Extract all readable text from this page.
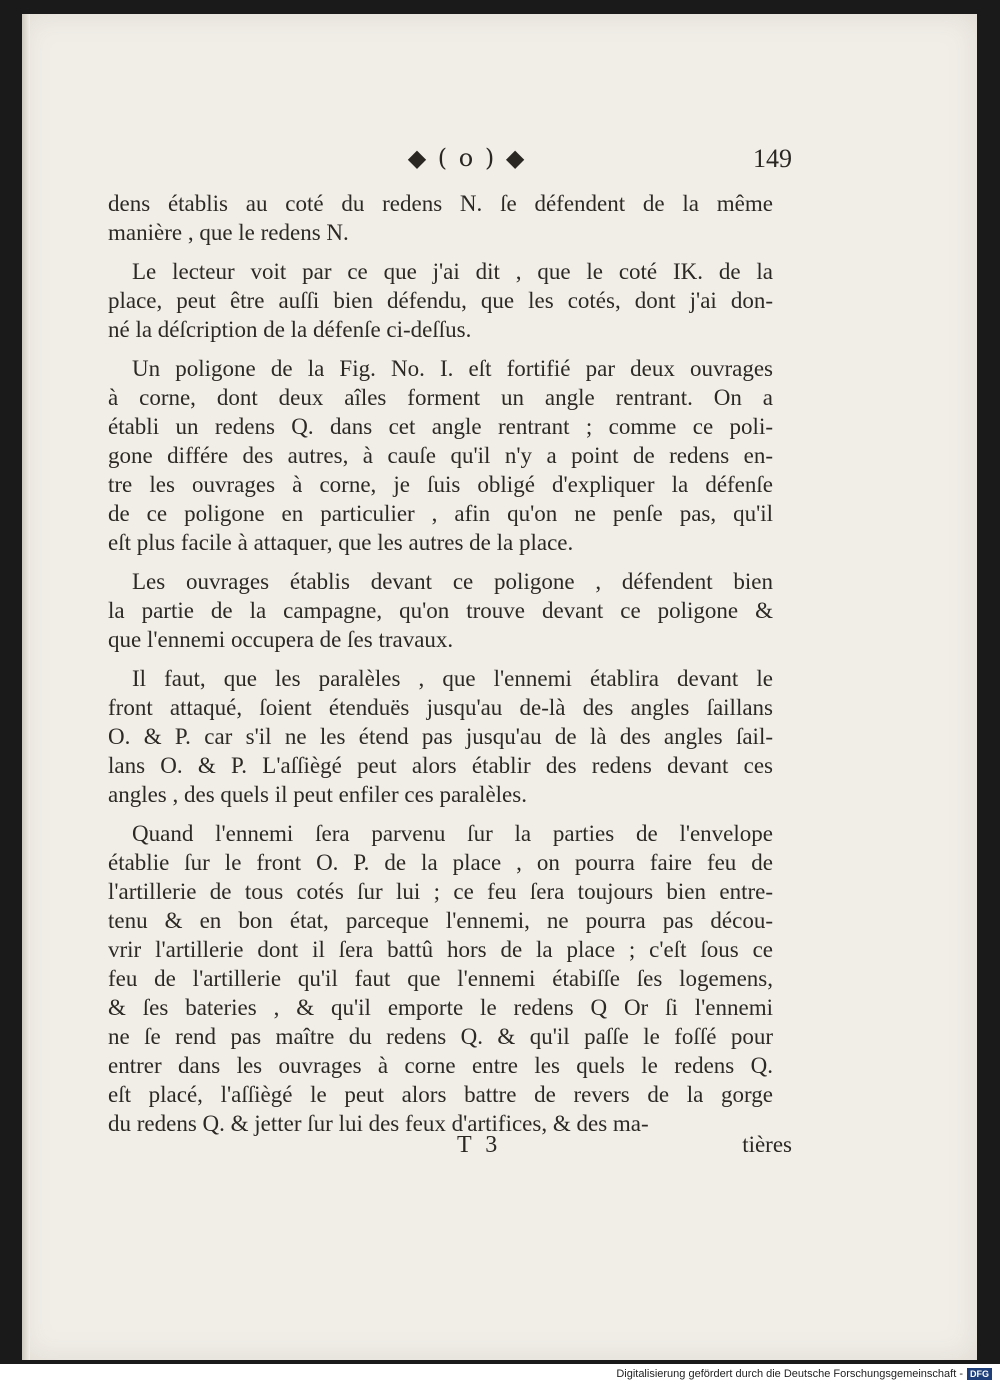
◆ ( o ) ◆	149
dens établis au coté du redens N. ſe défendent de la même
manière , que le redens N.
Le lecteur voit par ce que j'ai dit , que le coté IK. de la
place, peut être auſſi bien défendu, que les cotés, dont j'ai don-
né la déſcription de la défenſe ci-deſſus.
Un poligone de la Fig. No. I. eſt fortifié par deux ouvrages
à corne, dont deux aîles forment un angle rentrant. On a
établi un redens Q. dans cet angle rentrant ; comme ce poli-
gone différe des autres, à cauſe qu'il n'y a point de redens en-
tre les ouvrages à corne, je ſuis obligé d'expliquer la défenſe
de ce poligone en particulier , afin qu'on ne penſe pas, qu'il
eſt plus facile à attaquer, que les autres de la place.
Les ouvrages établis devant ce poligone , défendent bien
la partie de la campagne, qu'on trouve devant ce poligone &
que l'ennemi occupera de ſes travaux.
Il faut, que les paralèles , que l'ennemi établira devant le
front attaqué, ſoient étenduës jusqu'au de-là des angles ſaillans
O. & P. car s'il ne les étend pas jusqu'au de là des angles ſail-
lans O. & P. L'aſſiègé peut alors établir des redens devant ces
angles , des quels il peut enfiler ces paralèles.
Quand l'ennemi ſera parvenu ſur la parties de l'envelope
établie ſur le front O. P. de la place , on pourra faire feu de
l'artillerie de tous cotés ſur lui ; ce feu ſera toujours bien entre-
tenu & en bon état, parceque l'ennemi, ne pourra pas décou-
vrir l'artillerie dont il ſera battû hors de la place ; c'eſt ſous ce
feu de l'artillerie qu'il faut que l'ennemi étabiſſe ſes logemens,
& ſes bateries , & qu'il emporte le redens Q Or ſi l'ennemi
ne ſe rend pas maître du redens Q. & qu'il paſſe le foſſé pour
entrer dans les ouvrages à corne entre les quels le redens Q.
eſt placé, l'aſſiègé le peut alors battre de revers de la gorge
du redens Q. & jetter ſur lui des feux d'artifices, & des ma-
T 3	tières
Digitalisierung gefördert durch die Deutsche Forschungsgemeinschaft - DFG
